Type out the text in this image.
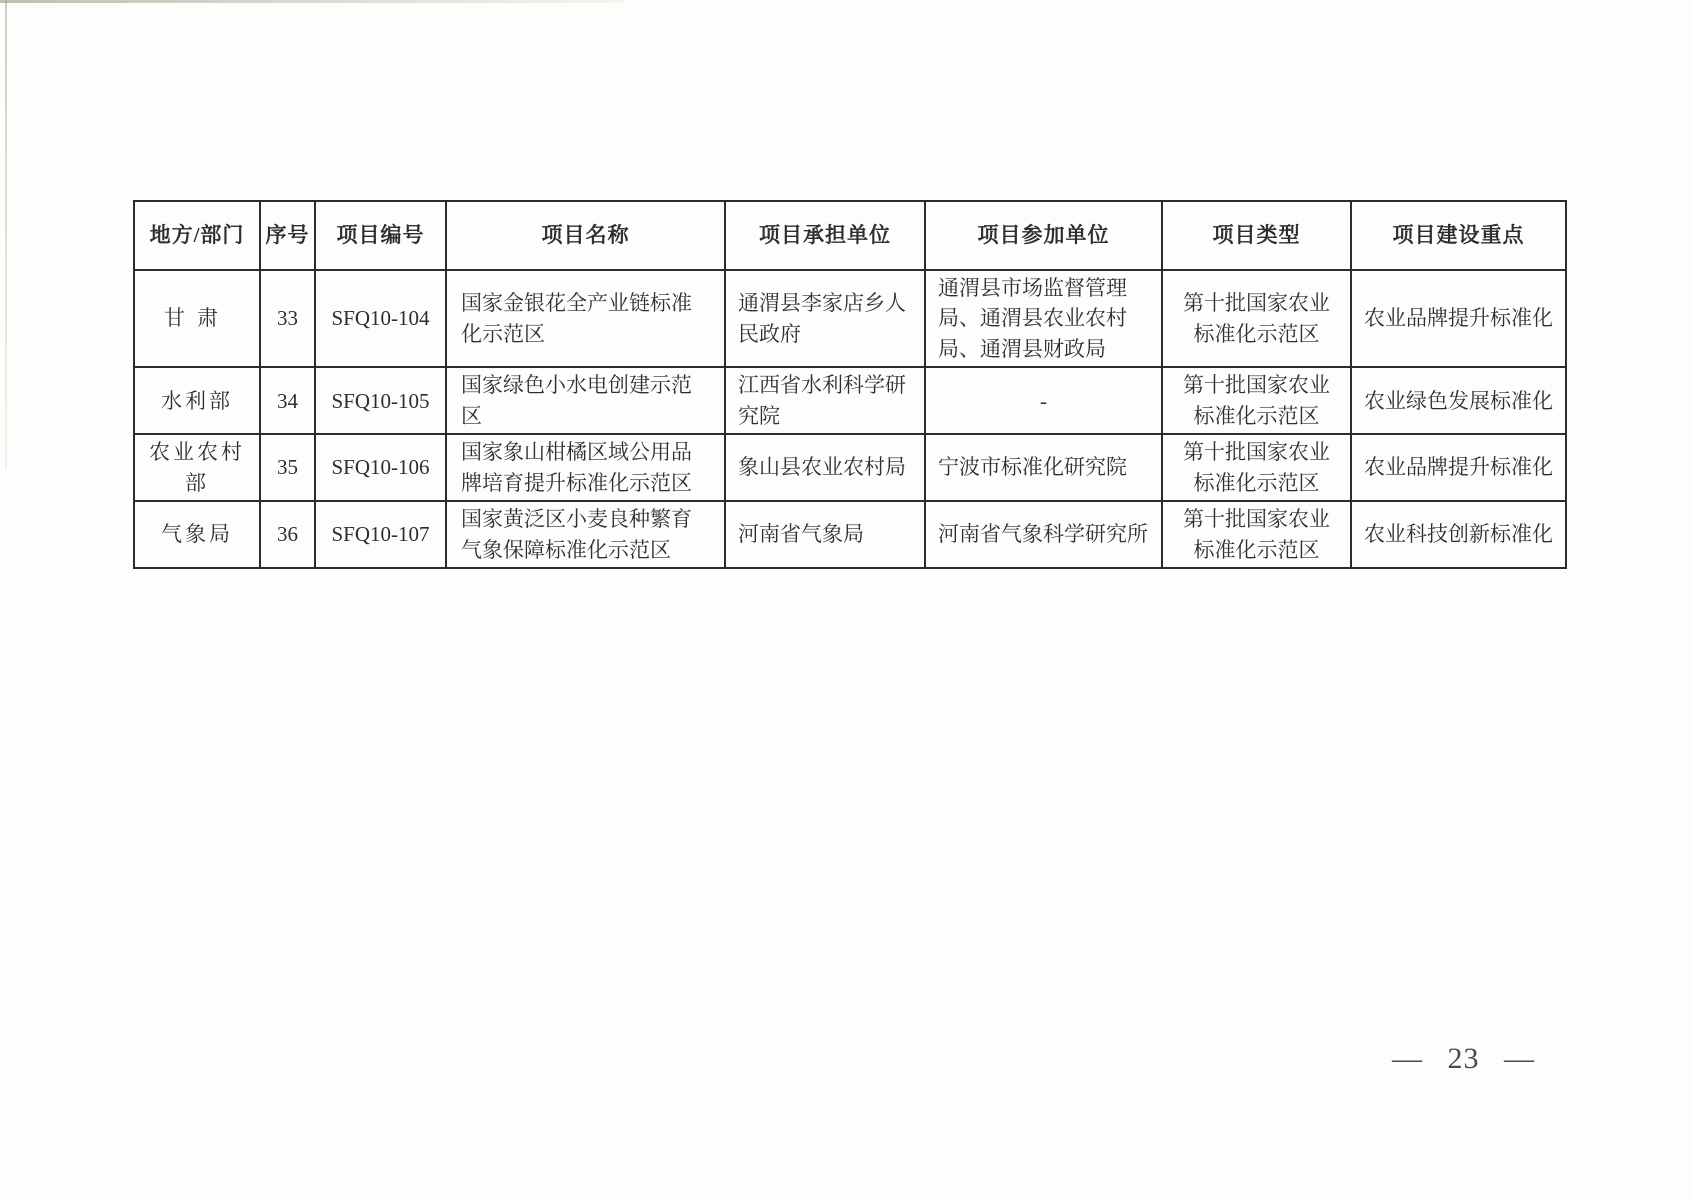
地方/部门	序号	项目编号	项目名称	项目承担单位	项目参加单位	项目类型	项目建设重点
甘肃	33	SFQ10-104	国家金银花全产业链标准化示范区	通渭县李家店乡人民政府	通渭县市场监督管理局、通渭县农业农村局、通渭县财政局	第十批国家农业标准化示范区	农业品牌提升标准化
水利部	34	SFQ10-105	国家绿色小水电创建示范区	江西省水利科学研究院	-	第十批国家农业标准化示范区	农业绿色发展标准化
农业农村部	35	SFQ10-106	国家象山柑橘区域公用品牌培育提升标准化示范区	象山县农业农村局	宁波市标准化研究院	第十批国家农业标准化示范区	农业品牌提升标准化
气象局	36	SFQ10-107	国家黄泛区小麦良种繁育气象保障标准化示范区	河南省气象局	河南省气象科学研究所	第十批国家农业标准化示范区	农业科技创新标准化
— 23 —
